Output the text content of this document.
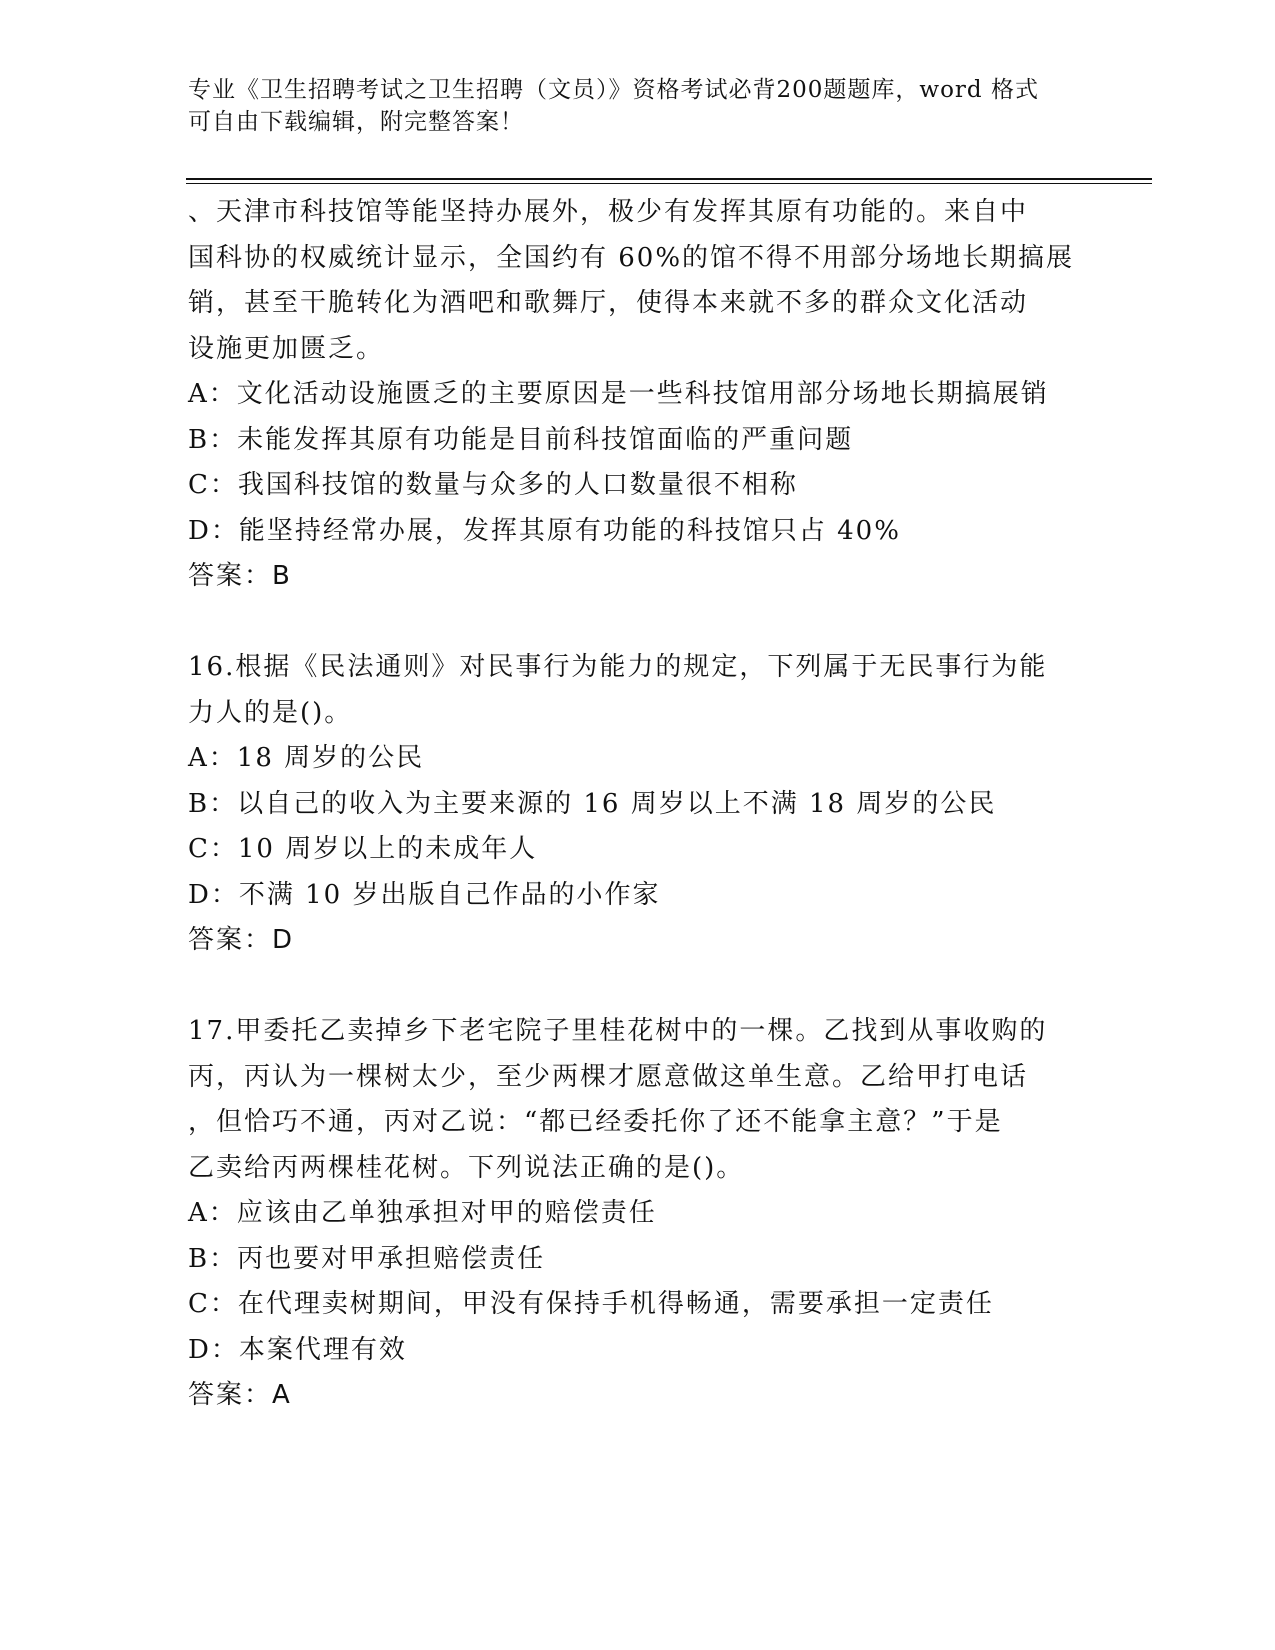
专业《卫生招聘考试之卫生招聘（文员）》资格考试必背200题题库，word 格式
可自由下载编辑，附完整答案！
、天津市科技馆等能坚持办展外，极少有发挥其原有功能的。来自中
国科协的权威统计显示，全国约有 60%的馆不得不用部分场地长期搞展
销，甚至干脆转化为酒吧和歌舞厅，使得本来就不多的群众文化活动
设施更加匮乏。
A：文化活动设施匮乏的主要原因是一些科技馆用部分场地长期搞展销
B：未能发挥其原有功能是目前科技馆面临的严重问题
C：我国科技馆的数量与众多的人口数量很不相称
D：能坚持经常办展，发挥其原有功能的科技馆只占 40%
答案：B
16.根据《民法通则》对民事行为能力的规定，下列属于无民事行为能
力人的是()。
A：18 周岁的公民
B：以自己的收入为主要来源的 16 周岁以上不满 18 周岁的公民
C：10 周岁以上的未成年人
D：不满 10 岁出版自己作品的小作家
答案：D
17.甲委托乙卖掉乡下老宅院子里桂花树中的一棵。乙找到从事收购的
丙，丙认为一棵树太少，至少两棵才愿意做这单生意。乙给甲打电话
，但恰巧不通，丙对乙说：“都已经委托你了还不能拿主意？”于是
乙卖给丙两棵桂花树。下列说法正确的是()。
A：应该由乙单独承担对甲的赔偿责任
B：丙也要对甲承担赔偿责任
C：在代理卖树期间，甲没有保持手机得畅通，需要承担一定责任
D：本案代理有效
答案：A
